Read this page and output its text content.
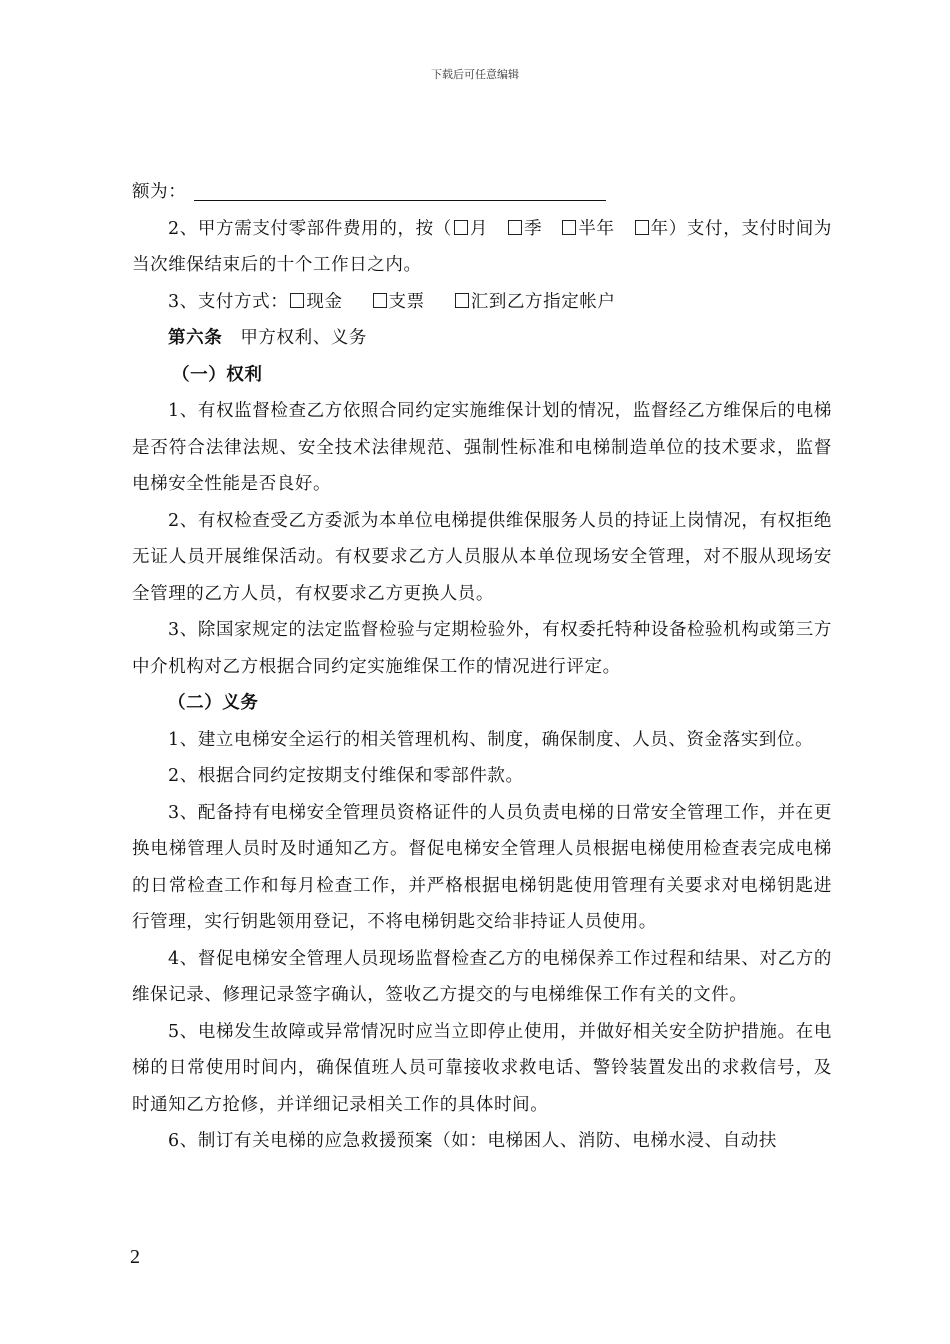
下载后可任意编辑

额为：

2、甲方需支付零部件费用的，按（ 月 季 半年 年）支付，支付时间为当次维保结束后的十个工作日之内。

3、支付方式： 现金	支票	汇到乙方指定帐户

第六条 甲方权利、义务

（一）权利

1、有权监督检查乙方依照合同约定实施维保计划的情况，监督经乙方维保后的电梯是否符合法律法规、安全技术法律规范、强制性标准和电梯制造单位的技术要求，监督电梯安全性能是否良好。

2、有权检查受乙方委派为本单位电梯提供维保服务人员的持证上岗情况，有权拒绝无证人员开展维保活动。有权要求乙方人员服从本单位现场安全管理，对不服从现场安全管理的乙方人员，有权要求乙方更换人员。

3、除国家规定的法定监督检验与定期检验外，有权委托特种设备检验机构或第三方中介机构对乙方根据合同约定实施维保工作的情况进行评定。

（二）义务

1、建立电梯安全运行的相关管理机构、制度，确保制度、人员、资金落实到位。

2、根据合同约定按期支付维保和零部件款。

3、配备持有电梯安全管理员资格证件的人员负责电梯的日常安全管理工作，并在更换电梯管理人员时及时通知乙方。督促电梯安全管理人员根据电梯使用检查表完成电梯的日常检查工作和每月检查工作，并严格根据电梯钥匙使用管理有关要求对电梯钥匙进行管理，实行钥匙领用登记，不将电梯钥匙交给非持证人员使用。

4、督促电梯安全管理人员现场监督检查乙方的电梯保养工作过程和结果、对乙方的维保记录、修理记录签字确认，签收乙方提交的与电梯维保工作有关的文件。

5、电梯发生故障或异常情况时应当立即停止使用，并做好相关安全防护措施。在电梯的日常使用时间内，确保值班人员可靠接收求救电话、警铃装置发出的求救信号，及时通知乙方抢修，并详细记录相关工作的具体时间。

6、制订有关电梯的应急救援预案（如：电梯困人、消防、电梯水浸、自动扶

2
